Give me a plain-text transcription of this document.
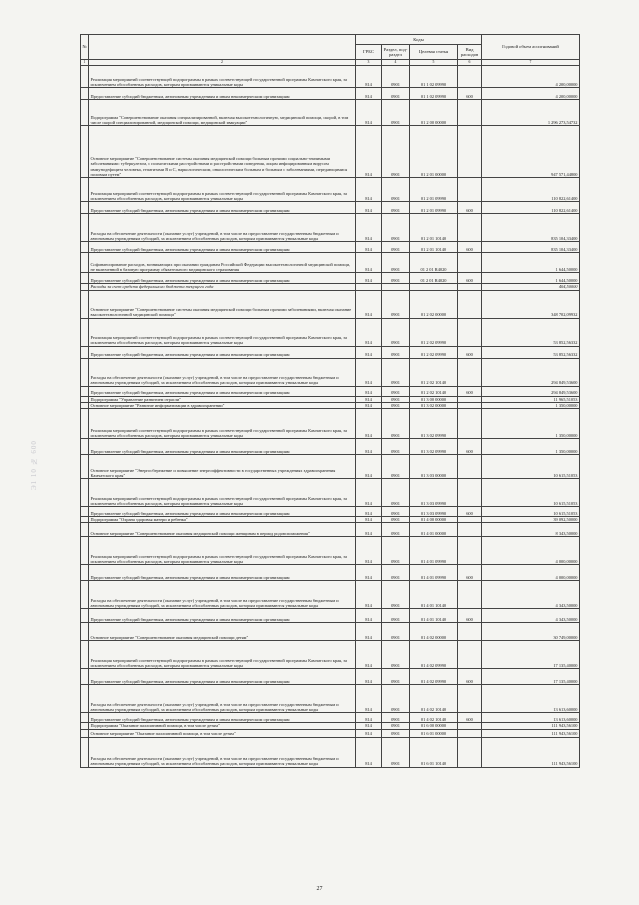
Э1 10 № 600
№		Коды				Годовой объем ассигнований
		ГРБС	Раздел, под-раздел	Целевая статья	Вид расходов	
1	2	3	4	5	6	7
	Реализация мероприятий соответствующей подпрограммы в рамках соответствующей государственной программы Камчатского края, за исключением обособленных расходов, которым присваиваются уникальные коды	814	0901	01 1 02 09990		4 200,00000
	Предоставление субсидий бюджетным, автономным учреждениям и иным некоммерческим организациям	814	0901	01 1 02 09990	600	4 200,00000
	Подпрограмма "Совершенствование оказания специализированной, включая высокотехнологичную, медицинской помощи, скорой, в том числе скорой специализированной, медицинской помощи, медицинской эвакуации"	814	0901	01 2 00 00000		1 296 273,54732
	Основное мероприятие "Совершенствование системы оказания медицинской помощи больным прочими социально-значимыми заболеваниями: туберкулезом, с психическими расстройствами и расстройствами поведения, лицам инфицированным вирусом иммунодефицита человека, гепатитами B и C, наркологическим, онкологическим больным и больным с заболеваниями, передающимися половым путем"	814	0901	01 2 01 00000		947 571,44800
	Реализация мероприятий соответствующей подпрограммы в рамках соответствующей государственной программы Камчатского края, за исключением обособленных расходов, которым присваиваются уникальные коды	814	0901	01 2 01 09990		110 822,61400
	Предоставление субсидий бюджетным, автономным учреждениям и иным некоммерческим организациям	814	0901	01 2 01 09990	600	110 822,61400
	Расходы на обеспечение деятельности (оказание услуг) учреждений, в том числе на предоставление государственным бюджетным и автономным учреждениям субсидий, за исключением обособленных расходов, которым присваиваются уникальные коды	814	0901	01 2 01 10140		835 104,33400
	Предоставление субсидий бюджетным, автономным учреждениям и иным некоммерческим организациям	814	0901	01 2 01 10140	600	835 104,33400
	Софинансирование расходов, возникающих при оказании гражданам Российской Федерации высокотехнологичной медицинской помощи, не включенной в базовую программу обязательного медицинского страхования	814	0901	01 2 01 R4020		1 644,50000
	Предоставление субсидий бюджетным, автономным учреждениям и иным некоммерческим организациям	814	0901	01 2 01 R4020	600	1 644,50000
	Расходы за счет средств федерального бюджета текущего года					404,50000
	Основное мероприятие "Совершенствование системы оказания медицинской помощи больным прочими заболеваниями, включая оказание высокотехнологичной медицинской помощи"	814	0901	01 2 02 00000		348 702,09932
	Реализация мероприятий соответствующей подпрограммы в рамках соответствующей государственной программы Камчатского края, за исключением обособленных расходов, которым присваиваются уникальные коды	814	0901	01 2 02 09990		53 852,56332
	Предоставление субсидий бюджетным, автономным учреждениям и иным некоммерческим организациям	814	0901	01 2 02 09990	600	53 852,56332
	Расходы на обеспечение деятельности (оказание услуг) учреждений, в том числе на предоставление государственным бюджетным и автономным учреждениям субсидий, за исключением обособленных расходов, которым присваиваются уникальные коды	814	0901	01 2 02 10140		294 849,53600
	Предоставление субсидий бюджетным, автономным учреждениям и иным некоммерческим организациям	814	0901	01 2 02 10140	600	294 849,53600
	Подпрограмма "Управление развитием отрасли"	814	0901	01 3 00 00000		11 965,51053
	Основное мероприятие "Развитие информатизации в здравоохранении"	814	0901	01 3 02 00000		1 350,00000
	Реализация мероприятий соответствующей подпрограммы в рамках соответствующей государственной программы Камчатского края, за исключением обособленных расходов, которым присваиваются уникальные коды	814	0901	01 3 02 09990		1 350,00000
	Предоставление субсидий бюджетным, автономным учреждениям и иным некоммерческим организациям	814	0901	01 3 02 09990	600	1 350,00000
	Основное мероприятие "Энергосбережение и повышение энергоэффективности в государственных учреждениях здравоохранения Камчатского края"	814	0901	01 3 03 00000		10 615,51053
	Реализация мероприятий соответствующей подпрограммы в рамках соответствующей государственной программы Камчатского края, за исключением обособленных расходов, которым присваиваются уникальные коды	814	0901	01 3 03 09990		10 615,51053
	Предоставление субсидий бюджетным, автономным учреждениям и иным некоммерческим организациям	814	0901	01 3 03 09990	600	10 615,51053
	Подпрограмма "Охрана здоровья матери и ребенка"	814	0901	01 4 00 00000		39 092,50000
	Основное мероприятие "Совершенствование оказания медицинской помощи женщинам в период родовспоможения"	814	0901	01 4 01 00000		8 343,50000
	Реализация мероприятий соответствующей подпрограммы в рамках соответствующей государственной программы Камчатского края, за исключением обособленных расходов, которым присваиваются уникальные коды	814	0901	01 4 01 09990		4 000,00000
	Предоставление субсидий бюджетным, автономным учреждениям и иным некоммерческим организациям	814	0901	01 4 01 09990	600	4 000,00000
	Расходы на обеспечение деятельности (оказание услуг) учреждений, в том числе на предоставление государственным бюджетным и автономным учреждениям субсидий, за исключением обособленных расходов, которым присваиваются уникальные коды	814	0901	01 4 01 10140		4 343,50000
	Предоставление субсидий бюджетным, автономным учреждениям и иным некоммерческим организациям	814	0901	01 4 01 10140	600	4 343,50000
	Основное мероприятие "Совершенствование оказания медицинской помощи детям"	814	0901	01 4 02 00000		30 749,00000
	Реализация мероприятий соответствующей подпрограммы в рамках соответствующей государственной программы Камчатского края, за исключением обособленных расходов, которым присваиваются уникальные коды	814	0901	01 4 02 09990		17 135,40000
	Предоставление субсидий бюджетным, автономным учреждениям и иным некоммерческим организациям	814	0901	01 4 02 09990	600	17 135,40000
	Расходы на обеспечение деятельности (оказание услуг) учреждений, в том числе на предоставление государственным бюджетным и автономным учреждениям субсидий, за исключением обособленных расходов, которым присваиваются уникальные коды	814	0901	01 4 02 10140		13 613,60000
	Предоставление субсидий бюджетным, автономным учреждениям и иным некоммерческим организациям	814	0901	01 4 02 10140	600	13 613,60000
	Подпрограмма "Оказание паллиативной помощи, в том числе детям"	814	0901	01 6 00 00000		111 943,56100
	Основное мероприятие "Оказание паллиативной помощи, в том числе детям"	814	0901	01 6 01 00000		111 943,56100
	Расходы на обеспечение деятельности (оказание услуг) учреждений, в том числе на предоставление государственным бюджетным и автономным учреждениям субсидий, за исключением обособленных расходов, которым присваиваются уникальные коды	814	0901	01 6 01 10140		111 943,56100
27
